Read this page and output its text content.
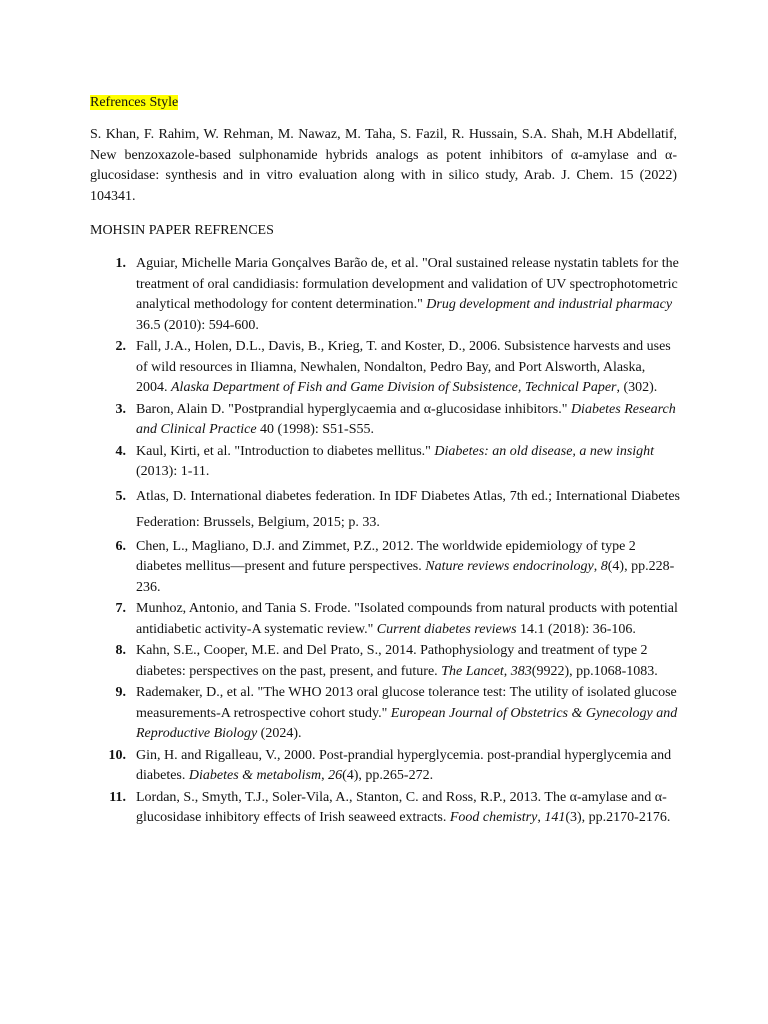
Refrences Style

S. Khan, F. Rahim, W. Rehman, M. Nawaz, M. Taha, S. Fazil, R. Hussain, S.A. Shah, M.H Abdellatif, New benzoxazole-based sulphonamide hybrids analogs as potent inhibitors of α-amylase and α-glucosidase: synthesis and in vitro evaluation along with in silico study, Arab. J. Chem. 15 (2022) 104341.

MOHSIN PAPER REFRENCES
1. Aguiar, Michelle Maria Gonçalves Barão de, et al. "Oral sustained release nystatin tablets for the treatment of oral candidiasis: formulation development and validation of UV spectrophotometric analytical methodology for content determination." Drug development and industrial pharmacy 36.5 (2010): 594-600.
2. Fall, J.A., Holen, D.L., Davis, B., Krieg, T. and Koster, D., 2006. Subsistence harvests and uses of wild resources in Iliamna, Newhalen, Nondalton, Pedro Bay, and Port Alsworth, Alaska, 2004. Alaska Department of Fish and Game Division of Subsistence, Technical Paper, (302).
3. Baron, Alain D. "Postprandial hyperglycaemia and α-glucosidase inhibitors." Diabetes Research and Clinical Practice 40 (1998): S51-S55.
4. Kaul, Kirti, et al. "Introduction to diabetes mellitus." Diabetes: an old disease, a new insight (2013): 1-11.
5. Atlas, D. International diabetes federation. In IDF Diabetes Atlas, 7th ed.; International Diabetes Federation: Brussels, Belgium, 2015; p. 33.
6. Chen, L., Magliano, D.J. and Zimmet, P.Z., 2012. The worldwide epidemiology of type 2 diabetes mellitus—present and future perspectives. Nature reviews endocrinology, 8(4), pp.228-236.
7. Munhoz, Antonio, and Tania S. Frode. "Isolated compounds from natural products with potential antidiabetic activity-A systematic review." Current diabetes reviews 14.1 (2018): 36-106.
8. Kahn, S.E., Cooper, M.E. and Del Prato, S., 2014. Pathophysiology and treatment of type 2 diabetes: perspectives on the past, present, and future. The Lancet, 383(9922), pp.1068-1083.
9. Rademaker, D., et al. "The WHO 2013 oral glucose tolerance test: The utility of isolated glucose measurements-A retrospective cohort study." European Journal of Obstetrics & Gynecology and Reproductive Biology (2024).
10. Gin, H. and Rigalleau, V., 2000. Post-prandial hyperglycemia. post-prandial hyperglycemia and diabetes. Diabetes & metabolism, 26(4), pp.265-272.
11. Lordan, S., Smyth, T.J., Soler-Vila, A., Stanton, C. and Ross, R.P., 2013. The α-amylase and α-glucosidase inhibitory effects of Irish seaweed extracts. Food chemistry, 141(3), pp.2170-2176.
